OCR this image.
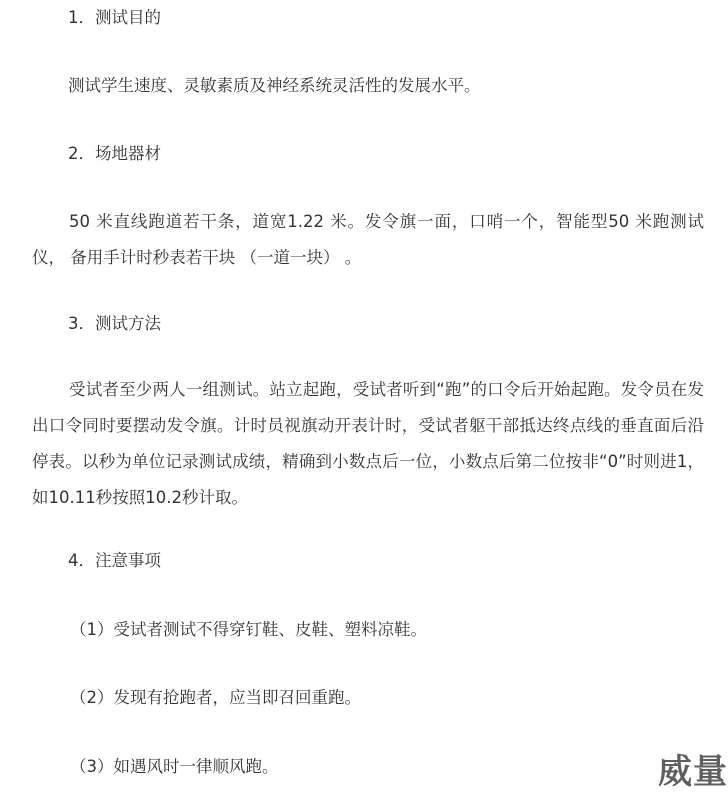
1．测试目的

测试学生速度、灵敏素质及神经系统灵活性的发展水平。

2．场地器材

50 米直线跑道若干条，道宽1.22 米。发令旗一面，口哨一个，智能型50 米跑测试仪， 备用手计时秒表若干块 （一道一块） 。

3．测试方法

受试者至少两人一组测试。站立起跑，受试者听到“跑”的口令后开始起跑。发令员在发出口令同时要摆动发令旗。计时员视旗动开表计时，受试者躯干部抵达终点线的垂直面后沿停表。以秒为单位记录测试成绩，精确到小数点后一位，小数点后第二位按非“0”时则进1，如10.11秒按照10.2秒计取。

4．注意事项

（1）受试者测试不得穿钉鞋、皮鞋、塑料凉鞋。

（2）发现有抢跑者，应当即召回重跑。

（3）如遇风时一律顺风跑。	威量
